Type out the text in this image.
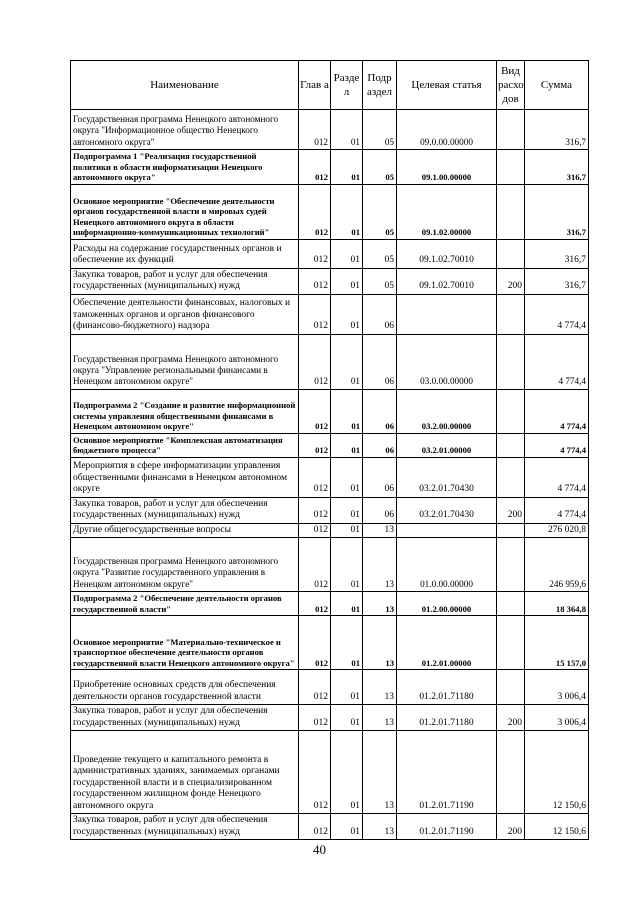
Наименование	Глав а	Разде л	Подр аздел	Целевая статья	Вид расхо дов	Сумма
Государственная программа Ненецкого автономного округа "Информационное общество Ненецкого автономного округа"	012	01	05	09.0.00.00000		316,7
Подпрограмма 1 "Реализация государственной политики в области информатизации Ненецкого автономного округа"	012	01	05	09.1.00.00000		316,7
Основное мероприятие "Обеспечение деятельности органов государственной власти и мировых судей Ненецкого автономного округа в области информационно-коммуникационных технологий"	012	01	05	09.1.02.00000		316,7
Расходы на содержание государственных органов и обеспечение их функций	012	01	05	09.1.02.70010		316,7
Закупка товаров, работ и услуг для обеспечения государственных (муниципальных) нужд	012	01	05	09.1.02.70010	200	316,7
Обеспечение деятельности финансовых, налоговых и таможенных органов и органов финансового (финансово-бюджетного) надзора	012	01	06			4 774,4
Государственная программа Ненецкого автономного округа "Управление региональными финансами в Ненецком автономном округе"	012	01	06	03.0.00.00000		4 774,4
Подпрограмма 2 "Создание и развитие информационной системы управления общественными финансами в Ненецком автономном округе"	012	01	06	03.2.00.00000		4 774,4
Основное мероприятие "Комплексная автоматизация бюджетного процесса"	012	01	06	03.2.01.00000		4 774,4
Мероприятия в сфере информатизации управления общественными финансами в Ненецком автономном округе	012	01	06	03.2.01.70430		4 774,4
Закупка товаров, работ и услуг для обеспечения государственных (муниципальных) нужд	012	01	06	03.2.01.70430	200	4 774,4
Другие общегосударственные вопросы	012	01	13			276 020,8
Государственная программа Ненецкого автономного округа "Развитие государственного управления в Ненецком автономном округе"	012	01	13	01.0.00.00000		246 959,6
Подпрограмма 2 "Обеспечение деятельности органов государственной власти"	012	01	13	01.2.00.00000		18 364,8
Основное мероприятие "Материально-техническое и транспортное обеспечение деятельности органов государственной власти Ненецкого автономного округа"	012	01	13	01.2.01.00000		15 157,0
Приобретение основных средств для обеспечения деятельности органов государственной власти	012	01	13	01.2.01.71180		3 006,4
Закупка товаров, работ и услуг для обеспечения государственных (муниципальных) нужд	012	01	13	01.2.01.71180	200	3 006,4
Проведение текущего и капитального ремонта в административных зданиях, занимаемых органами государственной власти и в специализированном государственном жилищном фонде Ненецкого автономного округа	012	01	13	01.2.01.71190		12 150,6
Закупка товаров, работ и услуг для обеспечения государственных (муниципальных) нужд	012	01	13	01.2.01.71190	200	12 150,6
40
